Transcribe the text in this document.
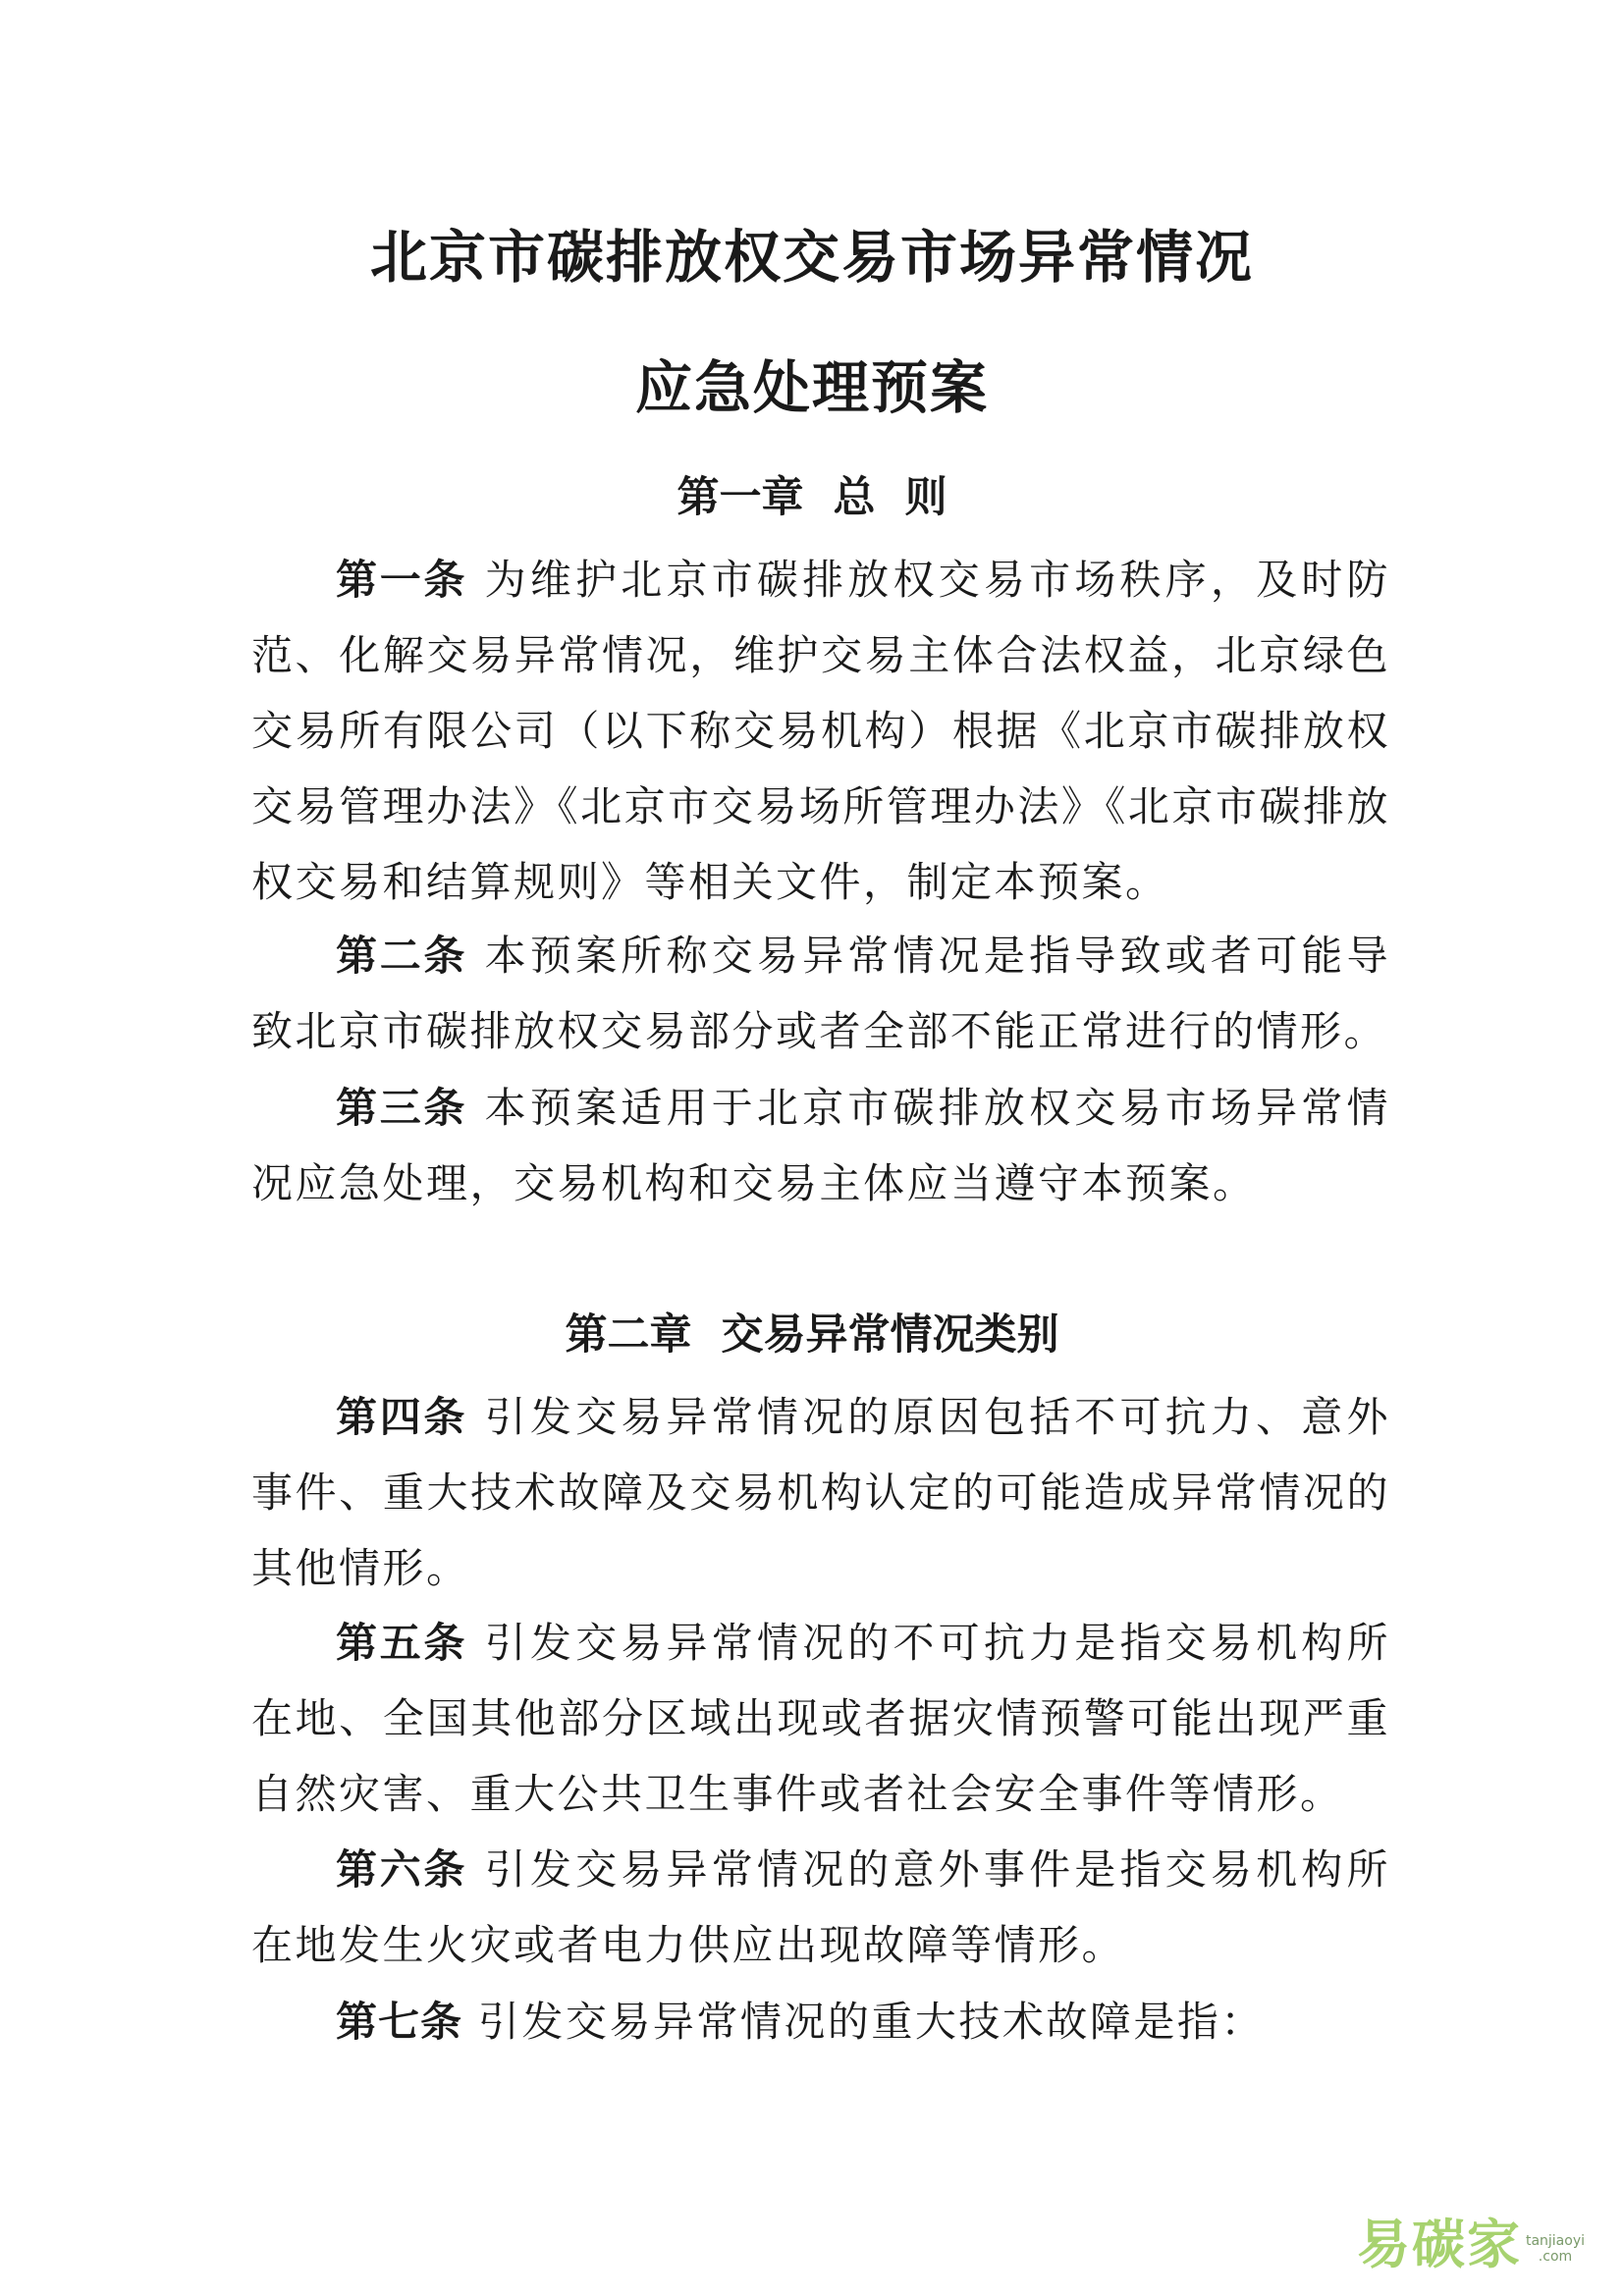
北京市碳排放权交易市场异常情况
应急处理预案
第一章 总  则

第一条 为维护北京市碳排放权交易市场秩序，及时防范、化解交易异常情况，维护交易主体合法权益，北京绿色交易所有限公司（以下称交易机构）根据《北京市碳排放权交易管理办法》《北京市交易场所管理办法》《北京市碳排放权交易和结算规则》等相关文件，制定本预案。

第二条 本预案所称交易异常情况是指导致或者可能导致北京市碳排放权交易部分或者全部不能正常进行的情形。

第三条 本预案适用于北京市碳排放权交易市场异常情况应急处理，交易机构和交易主体应当遵守本预案。

第二章 交易异常情况类别

第四条 引发交易异常情况的原因包括不可抗力、意外事件、重大技术故障及交易机构认定的可能造成异常情况的其他情形。

第五条 引发交易异常情况的不可抗力是指交易机构所在地、全国其他部分区域出现或者据灾情预警可能出现严重自然灾害、重大公共卫生事件或者社会安全事件等情形。

第六条 引发交易异常情况的意外事件是指交易机构所在地发生火灾或者电力供应出现故障等情形。

第七条 引发交易异常情况的重大技术故障是指：

易碳家 tanjiaoyi
.com
